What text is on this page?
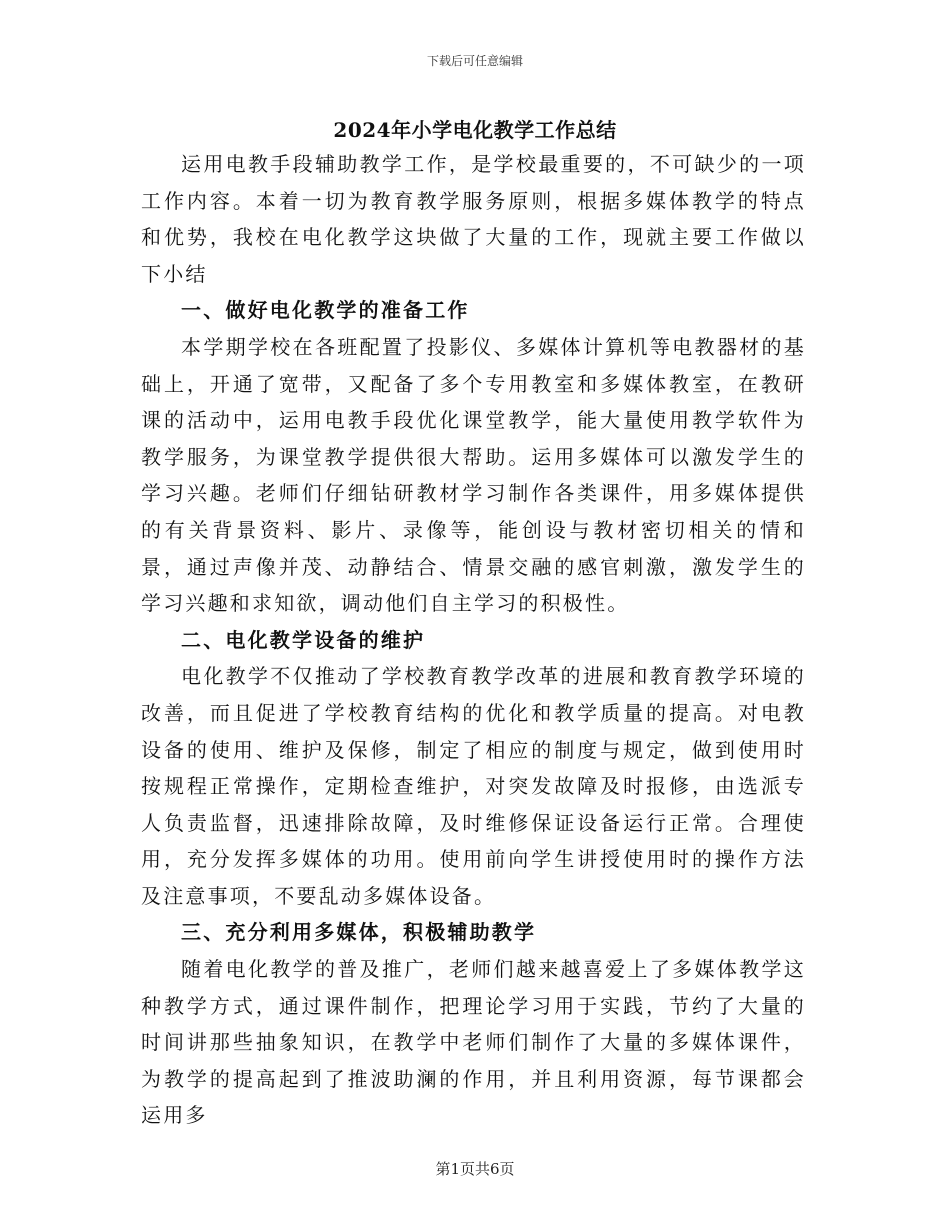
下载后可任意编辑
2024年小学电化教学工作总结

运用电教手段辅助教学工作，是学校最重要的，不可缺少的一项工作内容。本着一切为教育教学服务原则，根据多媒体教学的特点和优势，我校在电化教学这块做了大量的工作，现就主要工作做以下小结

一、做好电化教学的准备工作

本学期学校在各班配置了投影仪、多媒体计算机等电教器材的基础上，开通了宽带，又配备了多个专用教室和多媒体教室，在教研课的活动中，运用电教手段优化课堂教学，能大量使用教学软件为教学服务，为课堂教学提供很大帮助。运用多媒体可以激发学生的学习兴趣。老师们仔细钻研教材学习制作各类课件，用多媒体提供的有关背景资料、影片、录像等，能创设与教材密切相关的情和景，通过声像并茂、动静结合、情景交融的感官刺激，激发学生的学习兴趣和求知欲，调动他们自主学习的积极性。

二、电化教学设备的维护

电化教学不仅推动了学校教育教学改革的进展和教育教学环境的改善，而且促进了学校教育结构的优化和教学质量的提高。对电教设备的使用、维护及保修，制定了相应的制度与规定，做到使用时按规程正常操作，定期检查维护，对突发故障及时报修，由选派专人负责监督，迅速排除故障，及时维修保证设备运行正常。合理使用，充分发挥多媒体的功用。使用前向学生讲授使用时的操作方法及注意事项，不要乱动多媒体设备。

三、充分利用多媒体，积极辅助教学

随着电化教学的普及推广，老师们越来越喜爱上了多媒体教学这种教学方式，通过课件制作，把理论学习用于实践，节约了大量的时间讲那些抽象知识，在教学中老师们制作了大量的多媒体课件，为教学的提高起到了推波助澜的作用，并且利用资源，每节课都会运用多

第1页共6页
